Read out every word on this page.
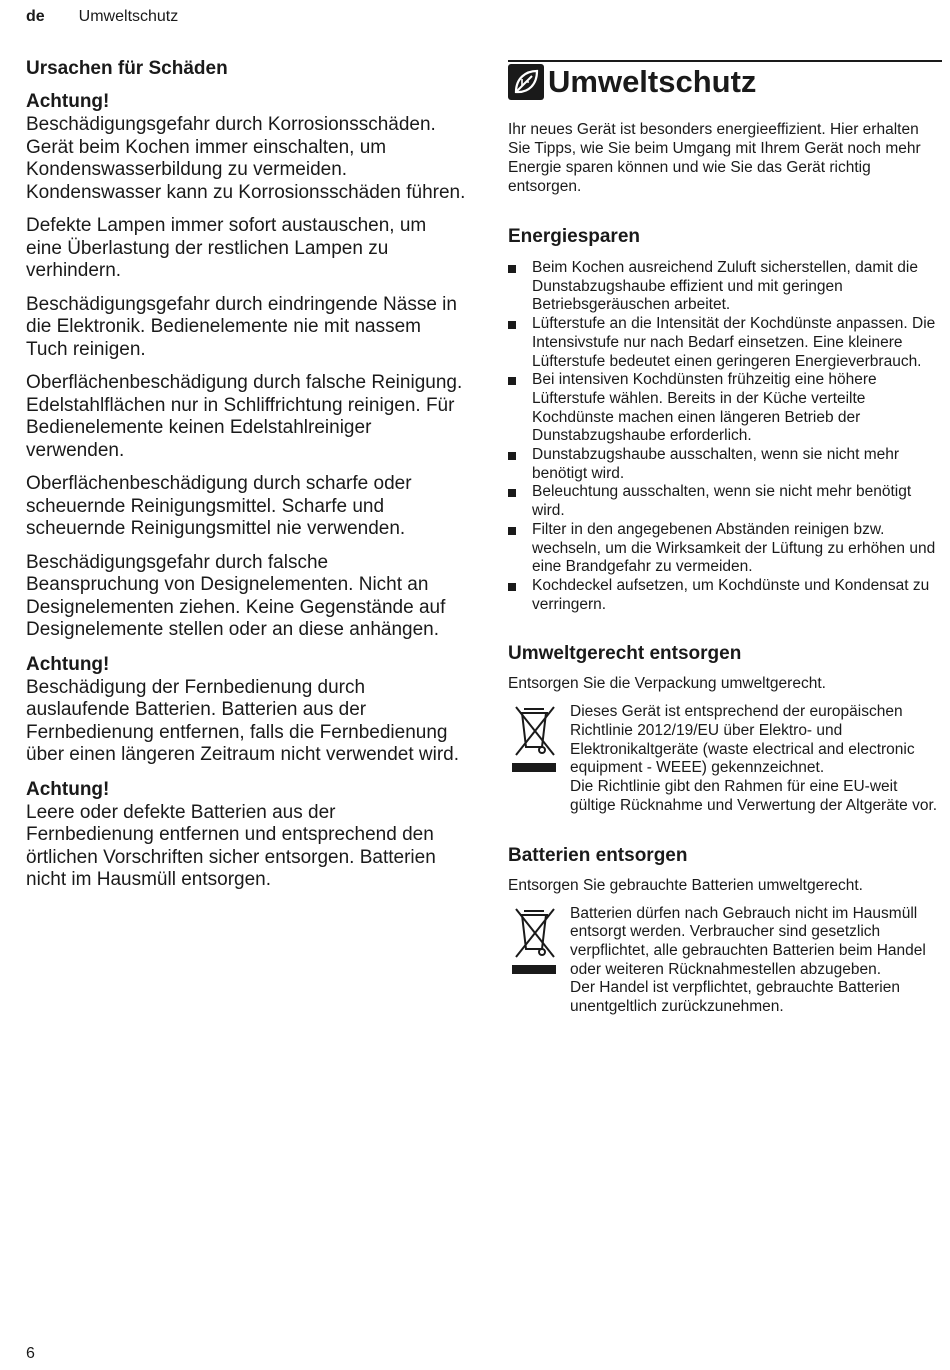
de Umweltschutz
Ursachen für Schäden
Achtung!

Beschädigungsgefahr durch Korrosionsschäden. Gerät beim Kochen immer einschalten, um Kondenswasserbildung zu vermeiden. Kondenswasser kann zu Korrosionsschäden führen.

Defekte Lampen immer sofort austauschen, um eine Überlastung der restlichen Lampen zu verhindern.

Beschädigungsgefahr durch eindringende Nässe in die Elektronik. Bedienelemente nie mit nassem Tuch reinigen.

Oberflächenbeschädigung durch falsche Reinigung. Edelstahlflächen nur in Schliffrichtung reinigen. Für Bedienelemente keinen Edelstahlreiniger verwenden.

Oberflächenbeschädigung durch scharfe oder scheuernde Reinigungsmittel. Scharfe und scheuernde Reinigungsmittel nie verwenden.

Beschädigungsgefahr durch falsche Beanspruchung von Designelementen. Nicht an Designelementen ziehen. Keine Gegenstände auf Designelemente stellen oder an diese anhängen.

Achtung!

Beschädigung der Fernbedienung durch auslaufende Batterien. Batterien aus der Fernbedienung entfernen, falls die Fernbedienung über einen längeren Zeitraum nicht verwendet wird.

Achtung!

Leere oder defekte Batterien aus der Fernbedienung entfernen und entsprechend den örtlichen Vorschriften sicher entsorgen. Batterien nicht im Hausmüll entsorgen.

Umweltschutz

Ihr neues Gerät ist besonders energieeffizient. Hier erhalten Sie Tipps, wie Sie beim Umgang mit Ihrem Gerät noch mehr Energie sparen können und wie Sie das Gerät richtig entsorgen.

Energiesparen
Beim Kochen ausreichend Zuluft sicherstellen, damit die Dunstabzugshaube effizient und mit geringen Betriebsgeräuschen arbeitet.
Lüfterstufe an die Intensität der Kochdünste anpassen. Die Intensivstufe nur nach Bedarf einsetzen. Eine kleinere Lüfterstufe bedeutet einen geringeren Energieverbrauch.
Bei intensiven Kochdünsten frühzeitig eine höhere Lüfterstufe wählen. Bereits in der Küche verteilte Kochdünste machen einen längeren Betrieb der Dunstabzugshaube erforderlich.
Dunstabzugshaube ausschalten, wenn sie nicht mehr benötigt wird.
Beleuchtung ausschalten, wenn sie nicht mehr benötigt wird.
Filter in den angegebenen Abständen reinigen bzw. wechseln, um die Wirksamkeit der Lüftung zu erhöhen und eine Brandgefahr zu vermeiden.
Kochdeckel aufsetzen, um Kochdünste und Kondensat zu verringern.
Umweltgerecht entsorgen

Entsorgen Sie die Verpackung umweltgerecht.

Dieses Gerät ist entsprechend der europäischen Richtlinie 2012/19/EU über Elektro- und Elektronikaltgeräte (waste electrical and electronic equipment - WEEE) gekennzeichnet.

Die Richtlinie gibt den Rahmen für eine EU-weit gültige Rücknahme und Verwertung der Altgeräte vor.

Batterien entsorgen

Entsorgen Sie gebrauchte Batterien umweltgerecht.

Batterien dürfen nach Gebrauch nicht im Hausmüll entsorgt werden. Verbraucher sind gesetzlich verpflichtet, alle gebrauchten Batterien beim Handel oder weiteren Rücknahmestellen abzugeben.

Der Handel ist verpflichtet, gebrauchte Batterien unentgeltlich zurückzunehmen.

6
